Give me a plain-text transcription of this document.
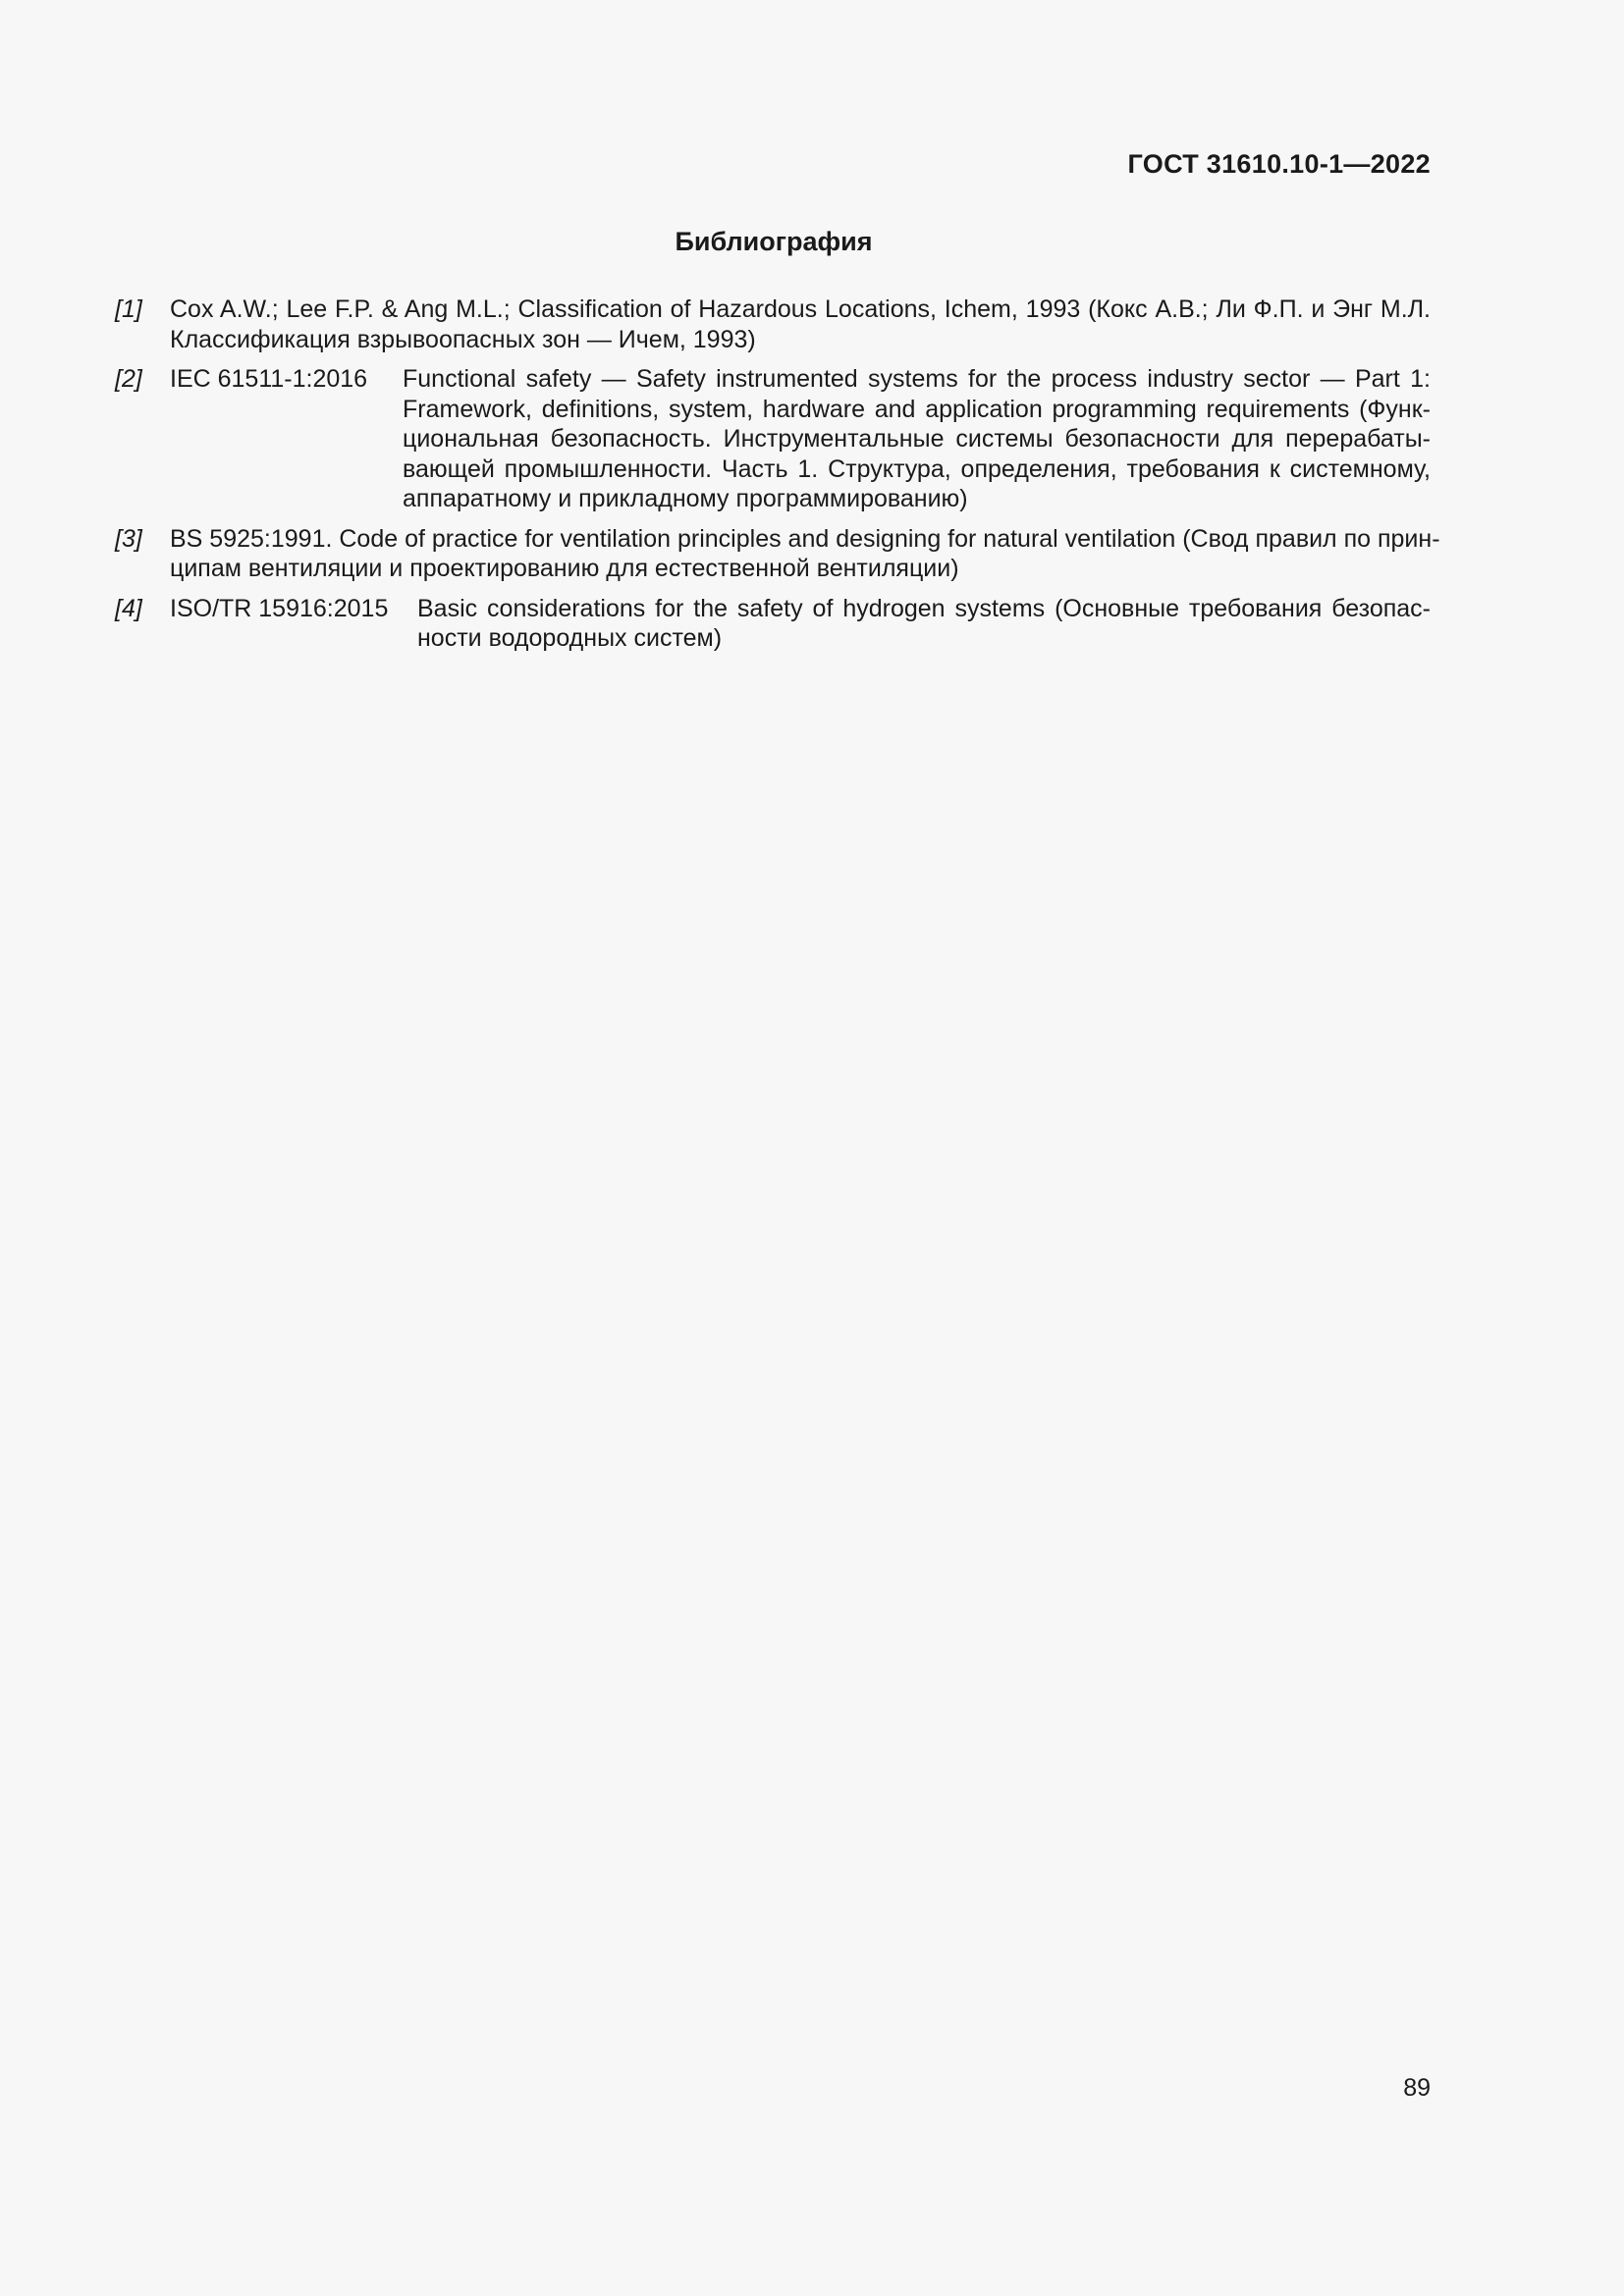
ГОСТ 31610.10-1—2022
Библиография
[1] Cox A.W.; Lee F.P. & Ang M.L.; Classification of Hazardous Locations, Ichem, 1993 (Кокс А.В.; Ли Ф.П. и Энг М.Л.
Классификация взрывоопасных зон — Ичем, 1993)
[2] IEC 61511-1:2016 Functional safety — Safety instrumented systems for the process industry sector — Part 1:
Framework, definitions, system, hardware and application programming requirements (Функ-
циональная безопасность. Инструментальные системы безопасности для перерабаты-
вающей промышленности. Часть 1. Структура, определения, требования к системному,
аппаратному и прикладному программированию)
[3] BS 5925:1991. Code of practice for ventilation principles and designing for natural ventilation (Свод правил по прин-
ципам вентиляции и проектированию для естественной вентиляции)
[4] ISO/TR 15916:2015 Basic considerations for the safety of hydrogen systems (Основные требования безопас-
ности водородных систем)
89
